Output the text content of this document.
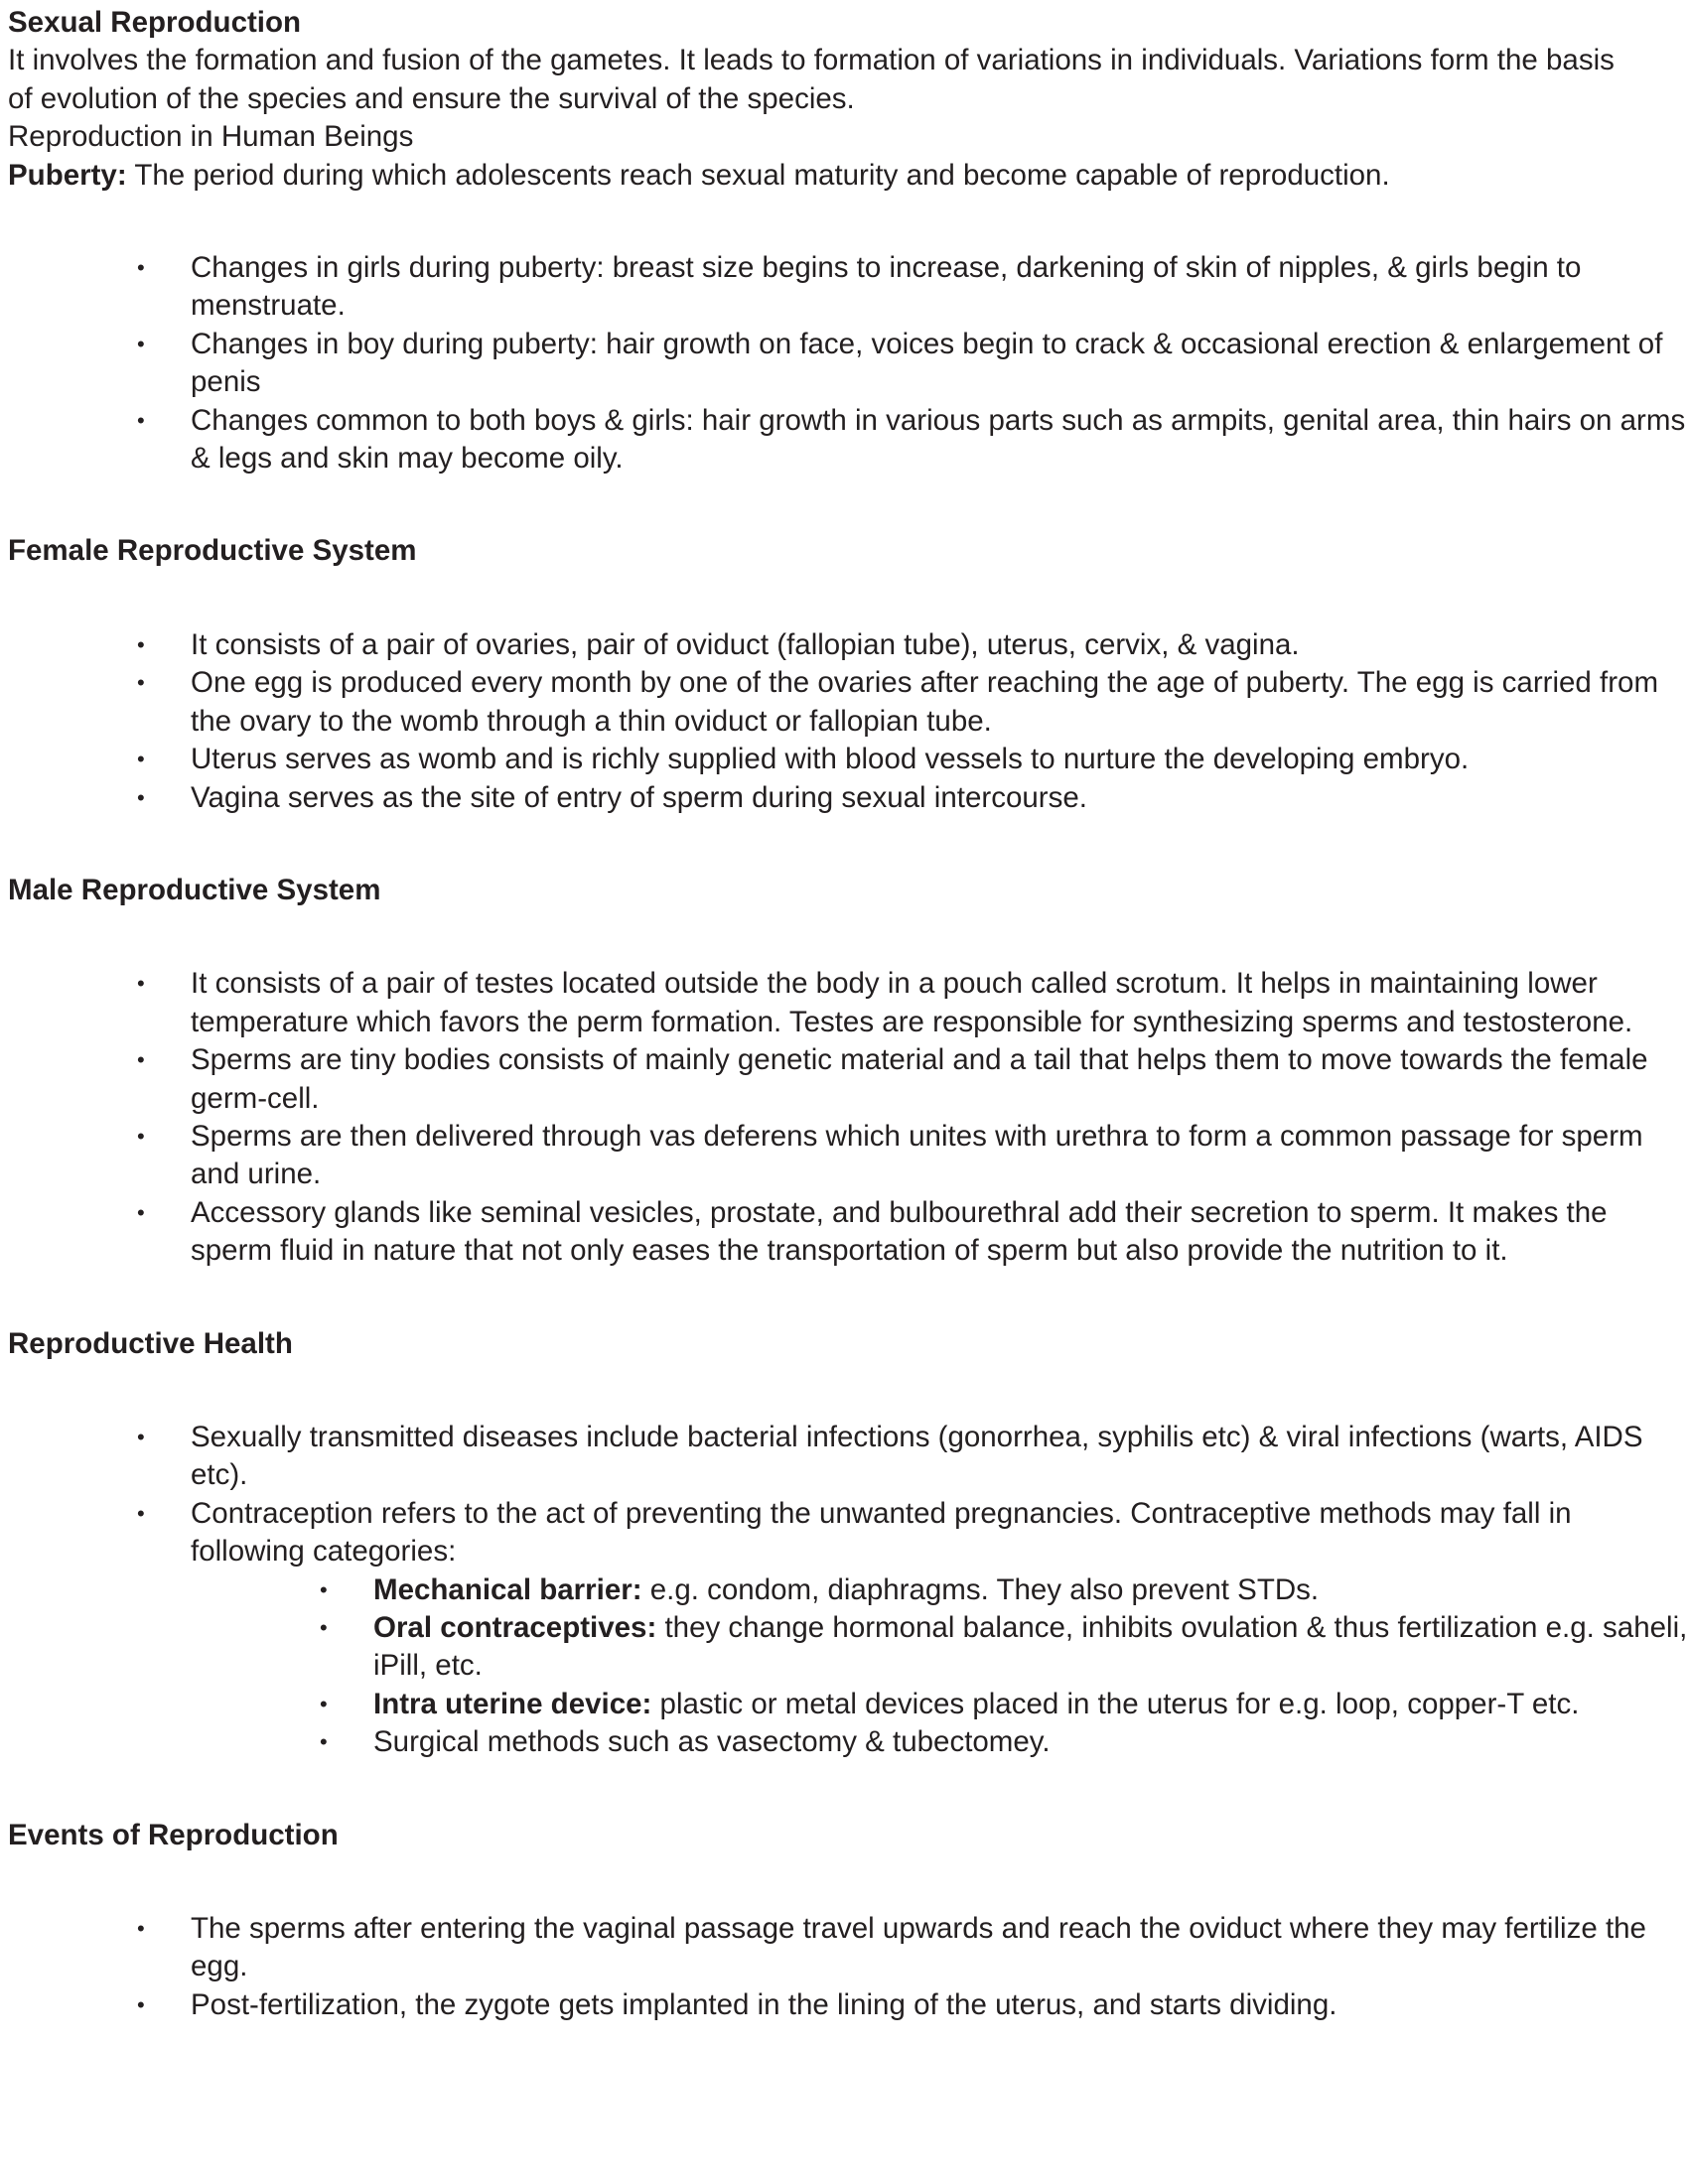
Sexual Reproduction

It involves the formation and fusion of the gametes. It leads to formation of variations in individuals. Variations form the basis of evolution of the species and ensure the survival of the species.

Reproduction in Human Beings

Puberty: The period during which adolescents reach sexual maturity and become capable of reproduction.

• Changes in girls during puberty: breast size begins to increase, darkening of skin of nipples, & girls begin to menstruate.
• Changes in boy during puberty: hair growth on face, voices begin to crack & occasional erection & enlargement of penis
• Changes common to both boys & girls: hair growth in various parts such as armpits, genital area, thin hairs on arms & legs and skin may become oily.
Female Reproductive System
• It consists of a pair of ovaries, pair of oviduct (fallopian tube), uterus, cervix, & vagina.
• One egg is produced every month by one of the ovaries after reaching the age of puberty. The egg is carried from the ovary to the womb through a thin oviduct or fallopian tube.
• Uterus serves as womb and is richly supplied with blood vessels to nurture the developing embryo.
• Vagina serves as the site of entry of sperm during sexual intercourse.
Male Reproductive System
• It consists of a pair of testes located outside the body in a pouch called scrotum. It helps in maintaining lower temperature which favors the perm formation. Testes are responsible for synthesizing sperms and testosterone.
• Sperms are tiny bodies consists of mainly genetic material and a tail that helps them to move towards the female germ-cell.
• Sperms are then delivered through vas deferens which unites with urethra to form a common passage for sperm and urine.
• Accessory glands like seminal vesicles, prostate, and bulbourethral add their secretion to sperm. It makes the sperm fluid in nature that not only eases the transportation of sperm but also provide the nutrition to it.
Reproductive Health
• Sexually transmitted diseases include bacterial infections (gonorrhea, syphilis etc) & viral infections (warts, AIDS etc).
• Contraception refers to the act of preventing the unwanted pregnancies. Contraceptive methods may fall in following categories:
• Mechanical barrier: e.g. condom, diaphragms. They also prevent STDs.
• Oral contraceptives: they change hormonal balance, inhibits ovulation & thus fertilization e.g. saheli, iPill, etc.
• Intra uterine device: plastic or metal devices placed in the uterus for e.g. loop, copper-T etc.
• Surgical methods such as vasectomy & tubectomey.
Events of Reproduction
• The sperms after entering the vaginal passage travel upwards and reach the oviduct where they may fertilize the egg.
• Post-fertilization, the zygote gets implanted in the lining of the uterus, and starts dividing.
